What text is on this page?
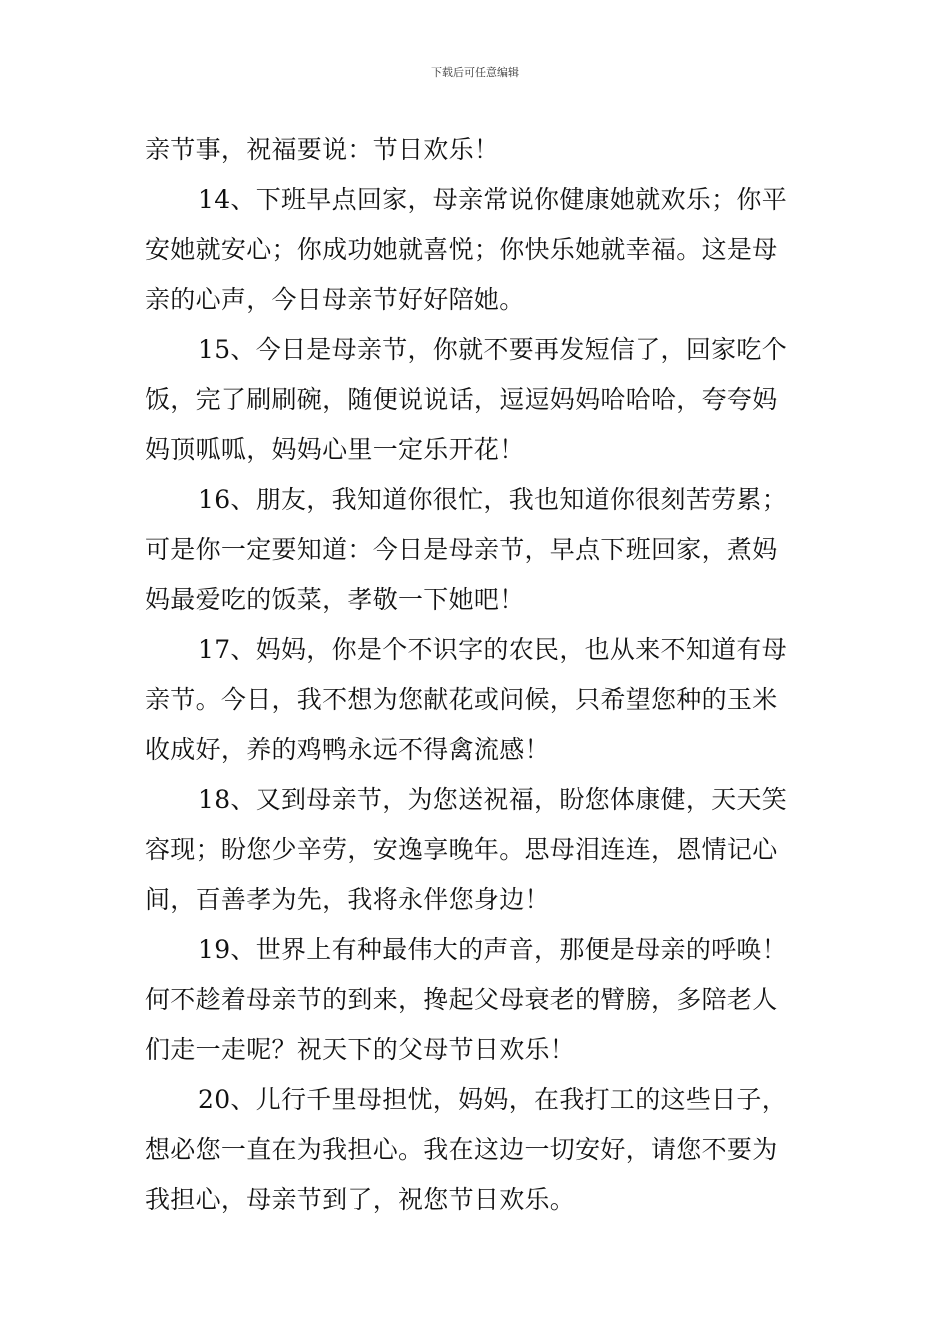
下载后可任意编辑
亲节事，祝福要说：节日欢乐！
14、下班早点回家，母亲常说你健康她就欢乐；你平
安她就安心；你成功她就喜悦；你快乐她就幸福。这是母
亲的心声，今日母亲节好好陪她。
15、今日是母亲节，你就不要再发短信了，回家吃个
饭，完了刷刷碗，随便说说话，逗逗妈妈哈哈哈，夸夸妈
妈顶呱呱，妈妈心里一定乐开花！
16、朋友，我知道你很忙，我也知道你很刻苦劳累；
可是你一定要知道：今日是母亲节，早点下班回家，煮妈
妈最爱吃的饭菜，孝敬一下她吧！
17、妈妈，你是个不识字的农民，也从来不知道有母
亲节。今日，我不想为您献花或问候，只希望您种的玉米
收成好，养的鸡鸭永远不得禽流感！
18、又到母亲节，为您送祝福，盼您体康健，天天笑
容现；盼您少辛劳，安逸享晚年。思母泪连连，恩情记心
间，百善孝为先，我将永伴您身边！
19、世界上有种最伟大的声音，那便是母亲的呼唤！
何不趁着母亲节的到来，搀起父母衰老的臂膀，多陪老人
们走一走呢？祝天下的父母节日欢乐！
20、儿行千里母担忧，妈妈，在我打工的这些日子，
想必您一直在为我担心。我在这边一切安好，请您不要为
我担心，母亲节到了，祝您节日欢乐。
